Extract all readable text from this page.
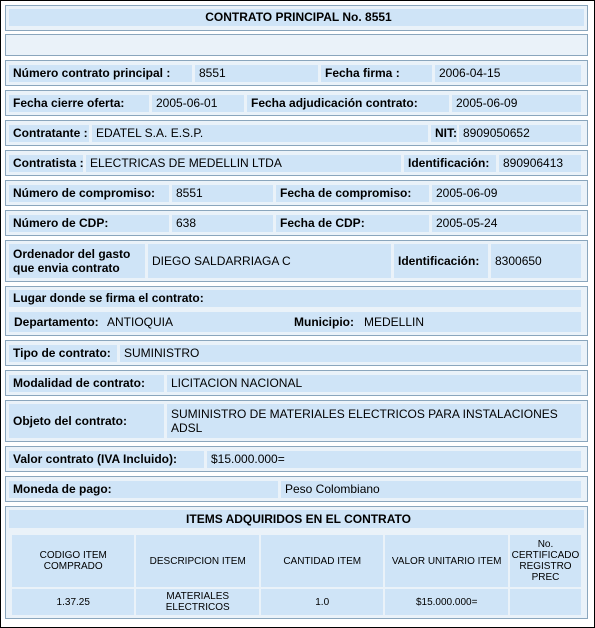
CONTRATO PRINCIPAL No. 8551
Número contrato principal :	8551	Fecha firma :	2006-04-15
Fecha cierre oferta:	2005-06-01	Fecha adjudicación contrato:	2005-06-09
Contratante : EDATEL S.A. E.S.P.	NIT: 8909050652
Contratista : ELECTRICAS DE MEDELLIN LTDA	Identificación:	890906413
Número de compromiso:	8551	Fecha de compromiso:	2005-06-09
Número de CDP:	638	Fecha de CDP:	2005-05-24
Ordenador del gasto que envia contrato	DIEGO SALDARRIAGA C	Identificación:	8300650
Lugar donde se firma el contrato:
Departamento: ANTIOQUIA	Municipio: MEDELLIN
Tipo de contrato:	SUMINISTRO
Modalidad de contrato:	LICITACION NACIONAL
Objeto del contrato:	SUMINISTRO DE MATERIALES ELECTRICOS PARA INSTALACIONES ADSL
Valor contrato (IVA Incluido):	$15.000.000=
Moneda de pago:	Peso Colombiano
ITEMS ADQUIRIDOS EN EL CONTRATO
CODIGO ITEM COMPRADO	DESCRIPCION ITEM	CANTIDAD ITEM	VALOR UNITARIO ITEM	No. CERTIFICADO REGISTRO PREC
1.37.25	MATERIALES ELECTRICOS	1.0	$15.000.000=	
